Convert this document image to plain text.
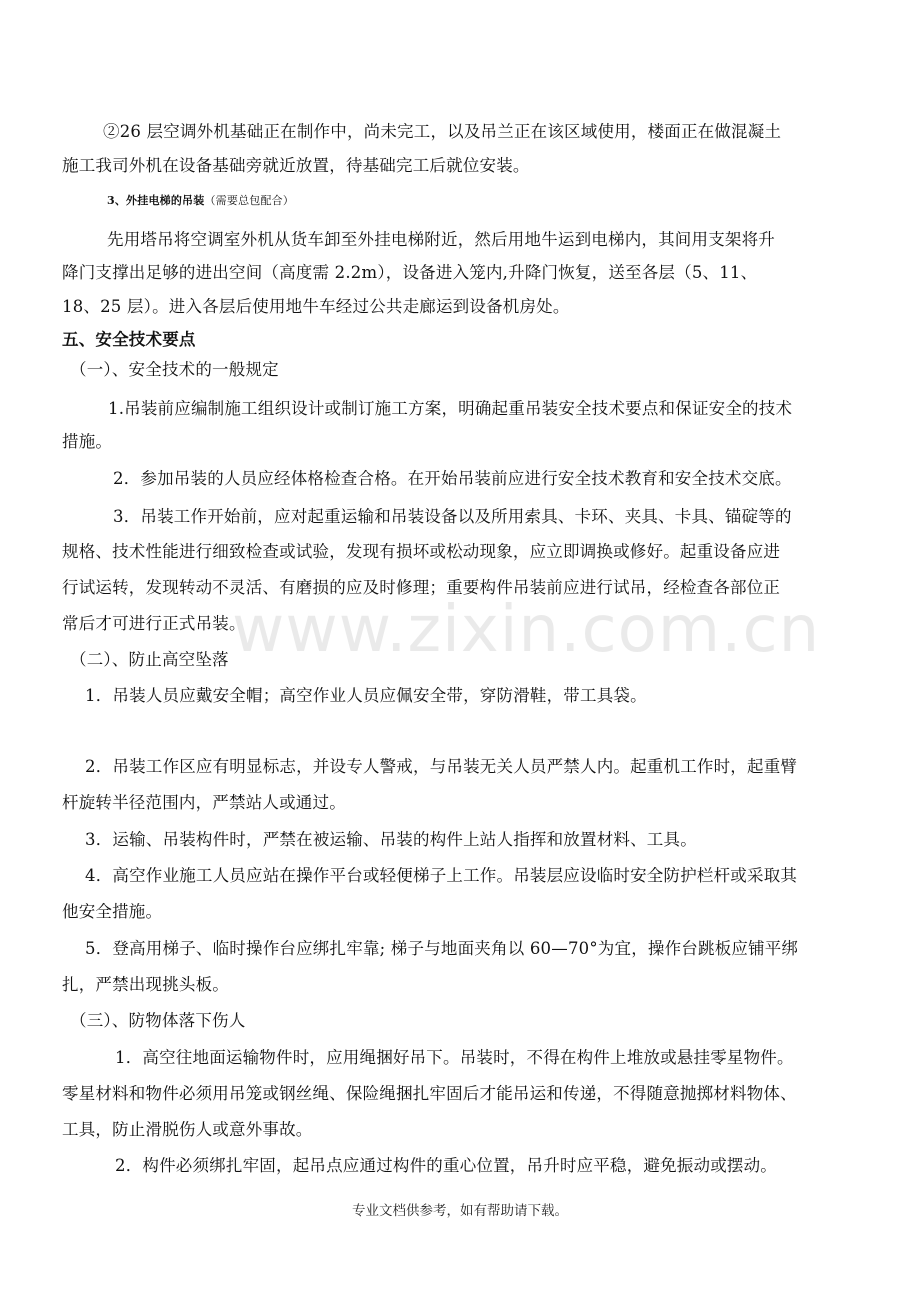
www.zixin.com.cn
②26 层空调外机基础正在制作中，尚未完工，以及吊兰正在该区域使用，楼面正在做混凝土
施工我司外机在设备基础旁就近放置，待基础完工后就位安装。
3、外挂电梯的吊装（需要总包配合）
先用塔吊将空调室外机从货车卸至外挂电梯附近，然后用地牛运到电梯内，其间用支架将升
降门支撑出足够的进出空间（高度需 2.2m），设备进入笼内,升降门恢复，送至各层（5、11、
18、25 层）。进入各层后使用地牛车经过公共走廊运到设备机房处。
五、安全技术要点
（一）、安全技术的一般规定
1.吊装前应编制施工组织设计或制订施工方案，明确起重吊装安全技术要点和保证安全的技术
措施。
2．参加吊装的人员应经体格检查合格。在开始吊装前应进行安全技术教育和安全技术交底。
3．吊装工作开始前，应对起重运输和吊装设备以及所用索具、卡环、夹具、卡具、锚碇等的
规格、技术性能进行细致检查或试验，发现有损坏或松动现象，应立即调换或修好。起重设备应进
行试运转，发现转动不灵活、有磨损的应及时修理；重要构件吊装前应进行试吊，经检查各部位正
常后才可进行正式吊装。
（二）、防止高空坠落
1．吊装人员应戴安全帽；高空作业人员应佩安全带，穿防滑鞋，带工具袋。
2．吊装工作区应有明显标志，并设专人警戒，与吊装无关人员严禁人内。起重机工作时，起重臂
杆旋转半径范围内，严禁站人或通过。
3．运输、吊装构件时，严禁在被运输、吊装的构件上站人指挥和放置材料、工具。
4．高空作业施工人员应站在操作平台或轻便梯子上工作。吊装层应设临时安全防护栏杆或采取其
他安全措施。
5．登高用梯子、临时操作台应绑扎牢靠; 梯子与地面夹角以 60—70°为宜，操作台跳板应铺平绑
扎，严禁出现挑头板。
（三）、防物体落下伤人
1．高空往地面运输物件时，应用绳捆好吊下。吊装时，不得在构件上堆放或悬挂零星物件。
零星材料和物件必须用吊笼或钢丝绳、保险绳捆扎牢固后才能吊运和传递，不得随意抛掷材料物体、
工具，防止滑脱伤人或意外事故。
2．构件必须绑扎牢固，起吊点应通过构件的重心位置，吊升时应平稳，避免振动或摆动。
专业文档供参考，如有帮助请下载。
